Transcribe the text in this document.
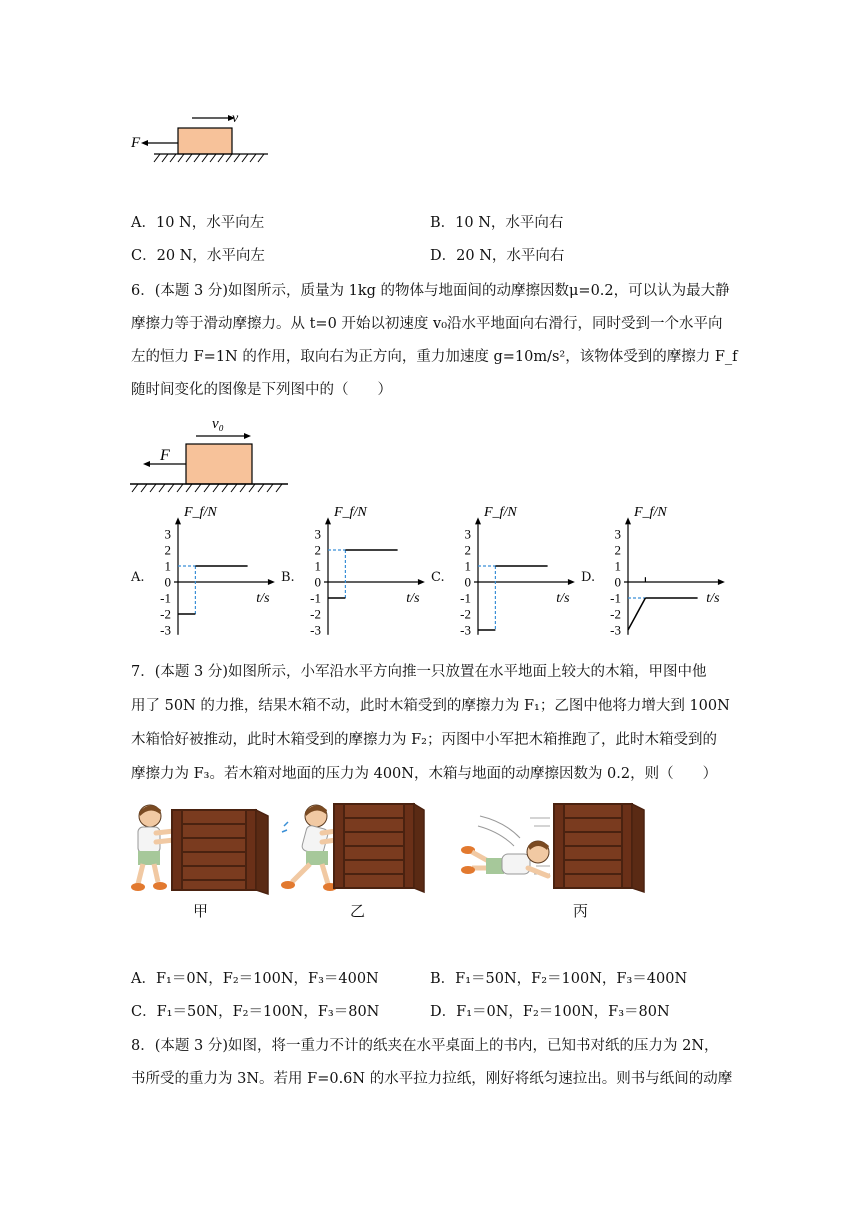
v
F
A．10 N，水平向左	B．10 N，水平向右
C．20 N，水平向左	D．20 N，水平向右
6．(本题 3 分)如图所示，质量为 1kg 的物体与地面间的动摩擦因数μ=0.2，可以认为最大静
摩擦力等于滑动摩擦力。从 t=0 开始以初速度 v₀沿水平地面向右滑行，同时受到一个水平向
左的恒力 F=1N 的作用，取向右为正方向，重力加速度 g=10m/s²，该物体受到的摩擦力 F_f
随时间变化的图像是下列图中的（　　）
v₀
F
A.	B.	C.	D.
3
2
1
0
-1
-2
-3
F_f/N
t/s
3
2
1
0
-1
-2
-3
F_f/N
t/s
3
2
1
0
-1
-2
-3
F_f/N
t/s
3
2
1
0
-1
-2
-3
F_f/N
t/s
7．(本题 3 分)如图所示，小军沿水平方向推一只放置在水平地面上较大的木箱，甲图中他
用了 50N 的力推，结果木箱不动，此时木箱受到的摩擦力为 F₁；乙图中他将力增大到 100N
木箱恰好被推动，此时木箱受到的摩擦力为 F₂；丙图中小军把木箱推跑了，此时木箱受到的
摩擦力为 F₃。若木箱对地面的压力为 400N，木箱与地面的动摩擦因数为 0.2，则（　　）
甲	乙	丙
A．F₁＝0N，F₂＝100N，F₃＝400N	B．F₁＝50N，F₂＝100N，F₃＝400N
C．F₁＝50N，F₂＝100N，F₃＝80N	D．F₁＝0N，F₂＝100N，F₃＝80N
8．(本题 3 分)如图，将一重力不计的纸夹在水平桌面上的书内，已知书对纸的压力为 2N，
书所受的重力为 3N。若用 F=0.6N 的水平拉力拉纸，刚好将纸匀速拉出。则书与纸间的动摩
